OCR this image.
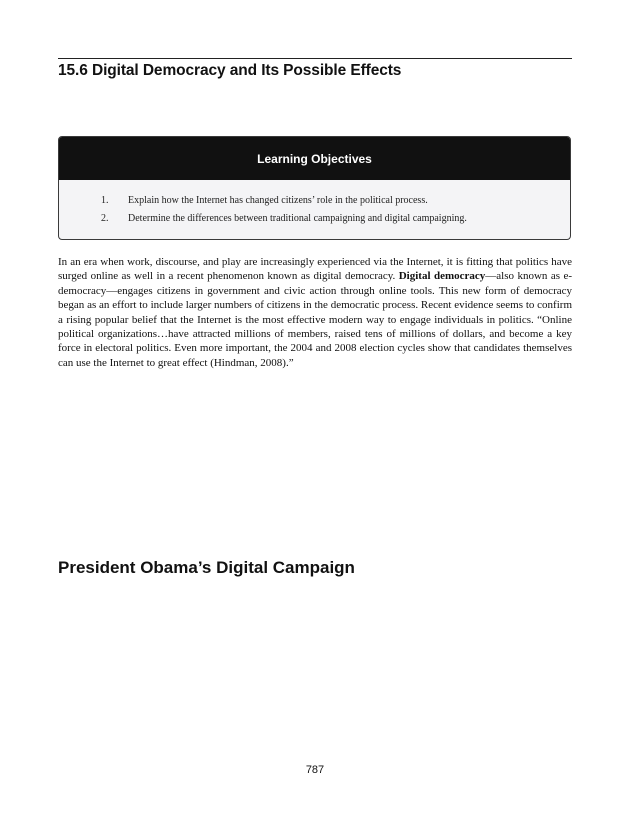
15.6 Digital Democracy and Its Possible Effects
Learning Objectives
1. Explain how the Internet has changed citizens’ role in the political process.
2. Determine the differences between traditional campaigning and digital campaigning.

In an era when work, discourse, and play are increasingly experienced via the Internet, it is fitting that politics have surged online as well in a recent phenomenon known as digital democracy. Digital democracy—also known as e-democracy—engages citizens in government and civic action through online tools. This new form of democracy began as an effort to include larger numbers of citizens in the democratic process. Recent evidence seems to confirm a rising popular belief that the Internet is the most effective modern way to engage individuals in politics. “Online political organizations…have attracted millions of members, raised tens of millions of dollars, and become a key force in electoral politics. Even more important, the 2004 and 2008 election cycles show that candidates themselves can use the Internet to great effect (Hindman, 2008).”

President Obama’s Digital Campaign
787
